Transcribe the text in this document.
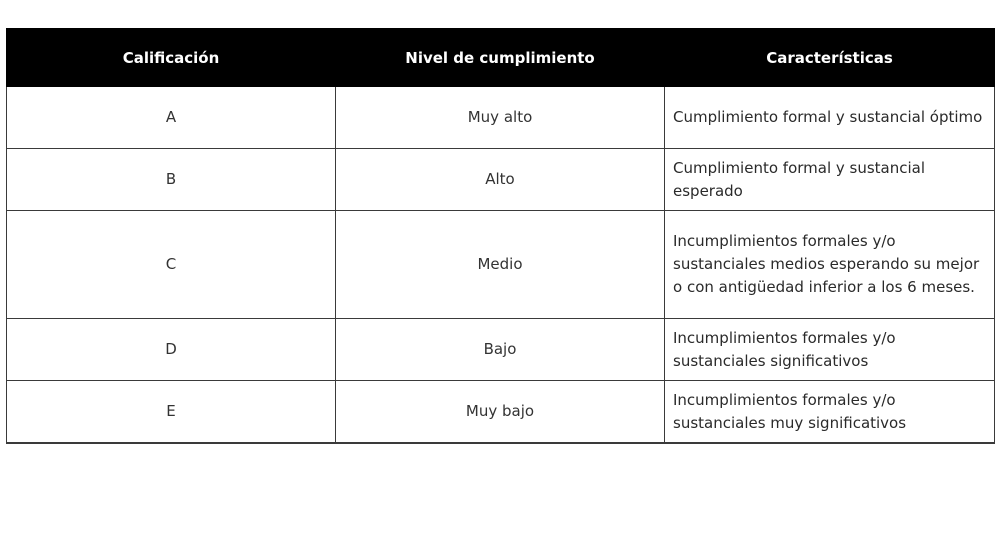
Calificación	Nivel de cumplimiento	Características
A	Muy alto	Cumplimiento formal y sustancial óptimo
B	Alto	Cumplimiento formal y sustancial esperado
C	Medio	Incumplimientos formales y/o sustanciales medios esperando su mejor o con antigüedad inferior a los 6 meses.
D	Bajo	Incumplimientos formales y/o sustanciales significativos
E	Muy bajo	Incumplimientos formales y/o sustanciales muy significativos
